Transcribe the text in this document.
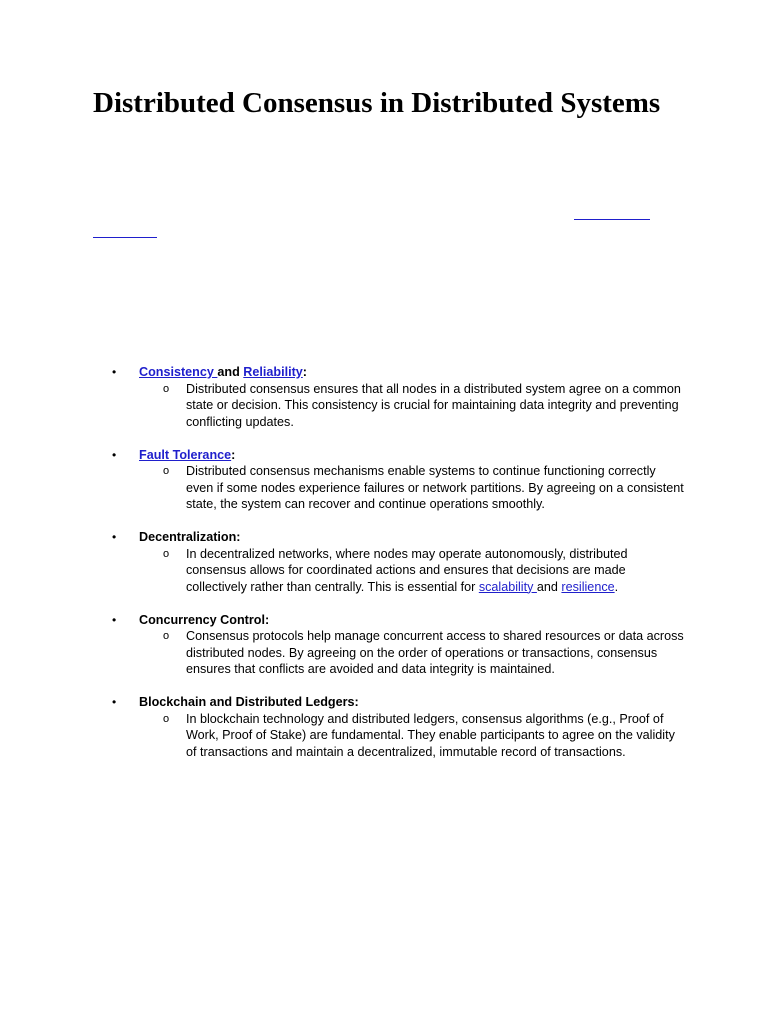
Distributed Consensus in Distributed Systems
•	Consistency and Reliability:
o Distributed consensus ensures that all nodes in a distributed system agree on a common state or decision. This consistency is crucial for maintaining data integrity and preventing conflicting updates.
•	Fault Tolerance:
o Distributed consensus mechanisms enable systems to continue functioning correctly even if some nodes experience failures or network partitions. By agreeing on a consistent state, the system can recover and continue operations smoothly.
•	Decentralization:
o In decentralized networks, where nodes may operate autonomously, distributed consensus allows for coordinated actions and ensures that decisions are made collectively rather than centrally. This is essential for scalability and resilience.
•	Concurrency Control:
o Consensus protocols help manage concurrent access to shared resources or data across distributed nodes. By agreeing on the order of operations or transactions, consensus ensures that conflicts are avoided and data integrity is maintained.
•	Blockchain and Distributed Ledgers:
o In blockchain technology and distributed ledgers, consensus algorithms (e.g., Proof of Work, Proof of Stake) are fundamental. They enable participants to agree on the validity of transactions and maintain a decentralized, immutable record of transactions.
